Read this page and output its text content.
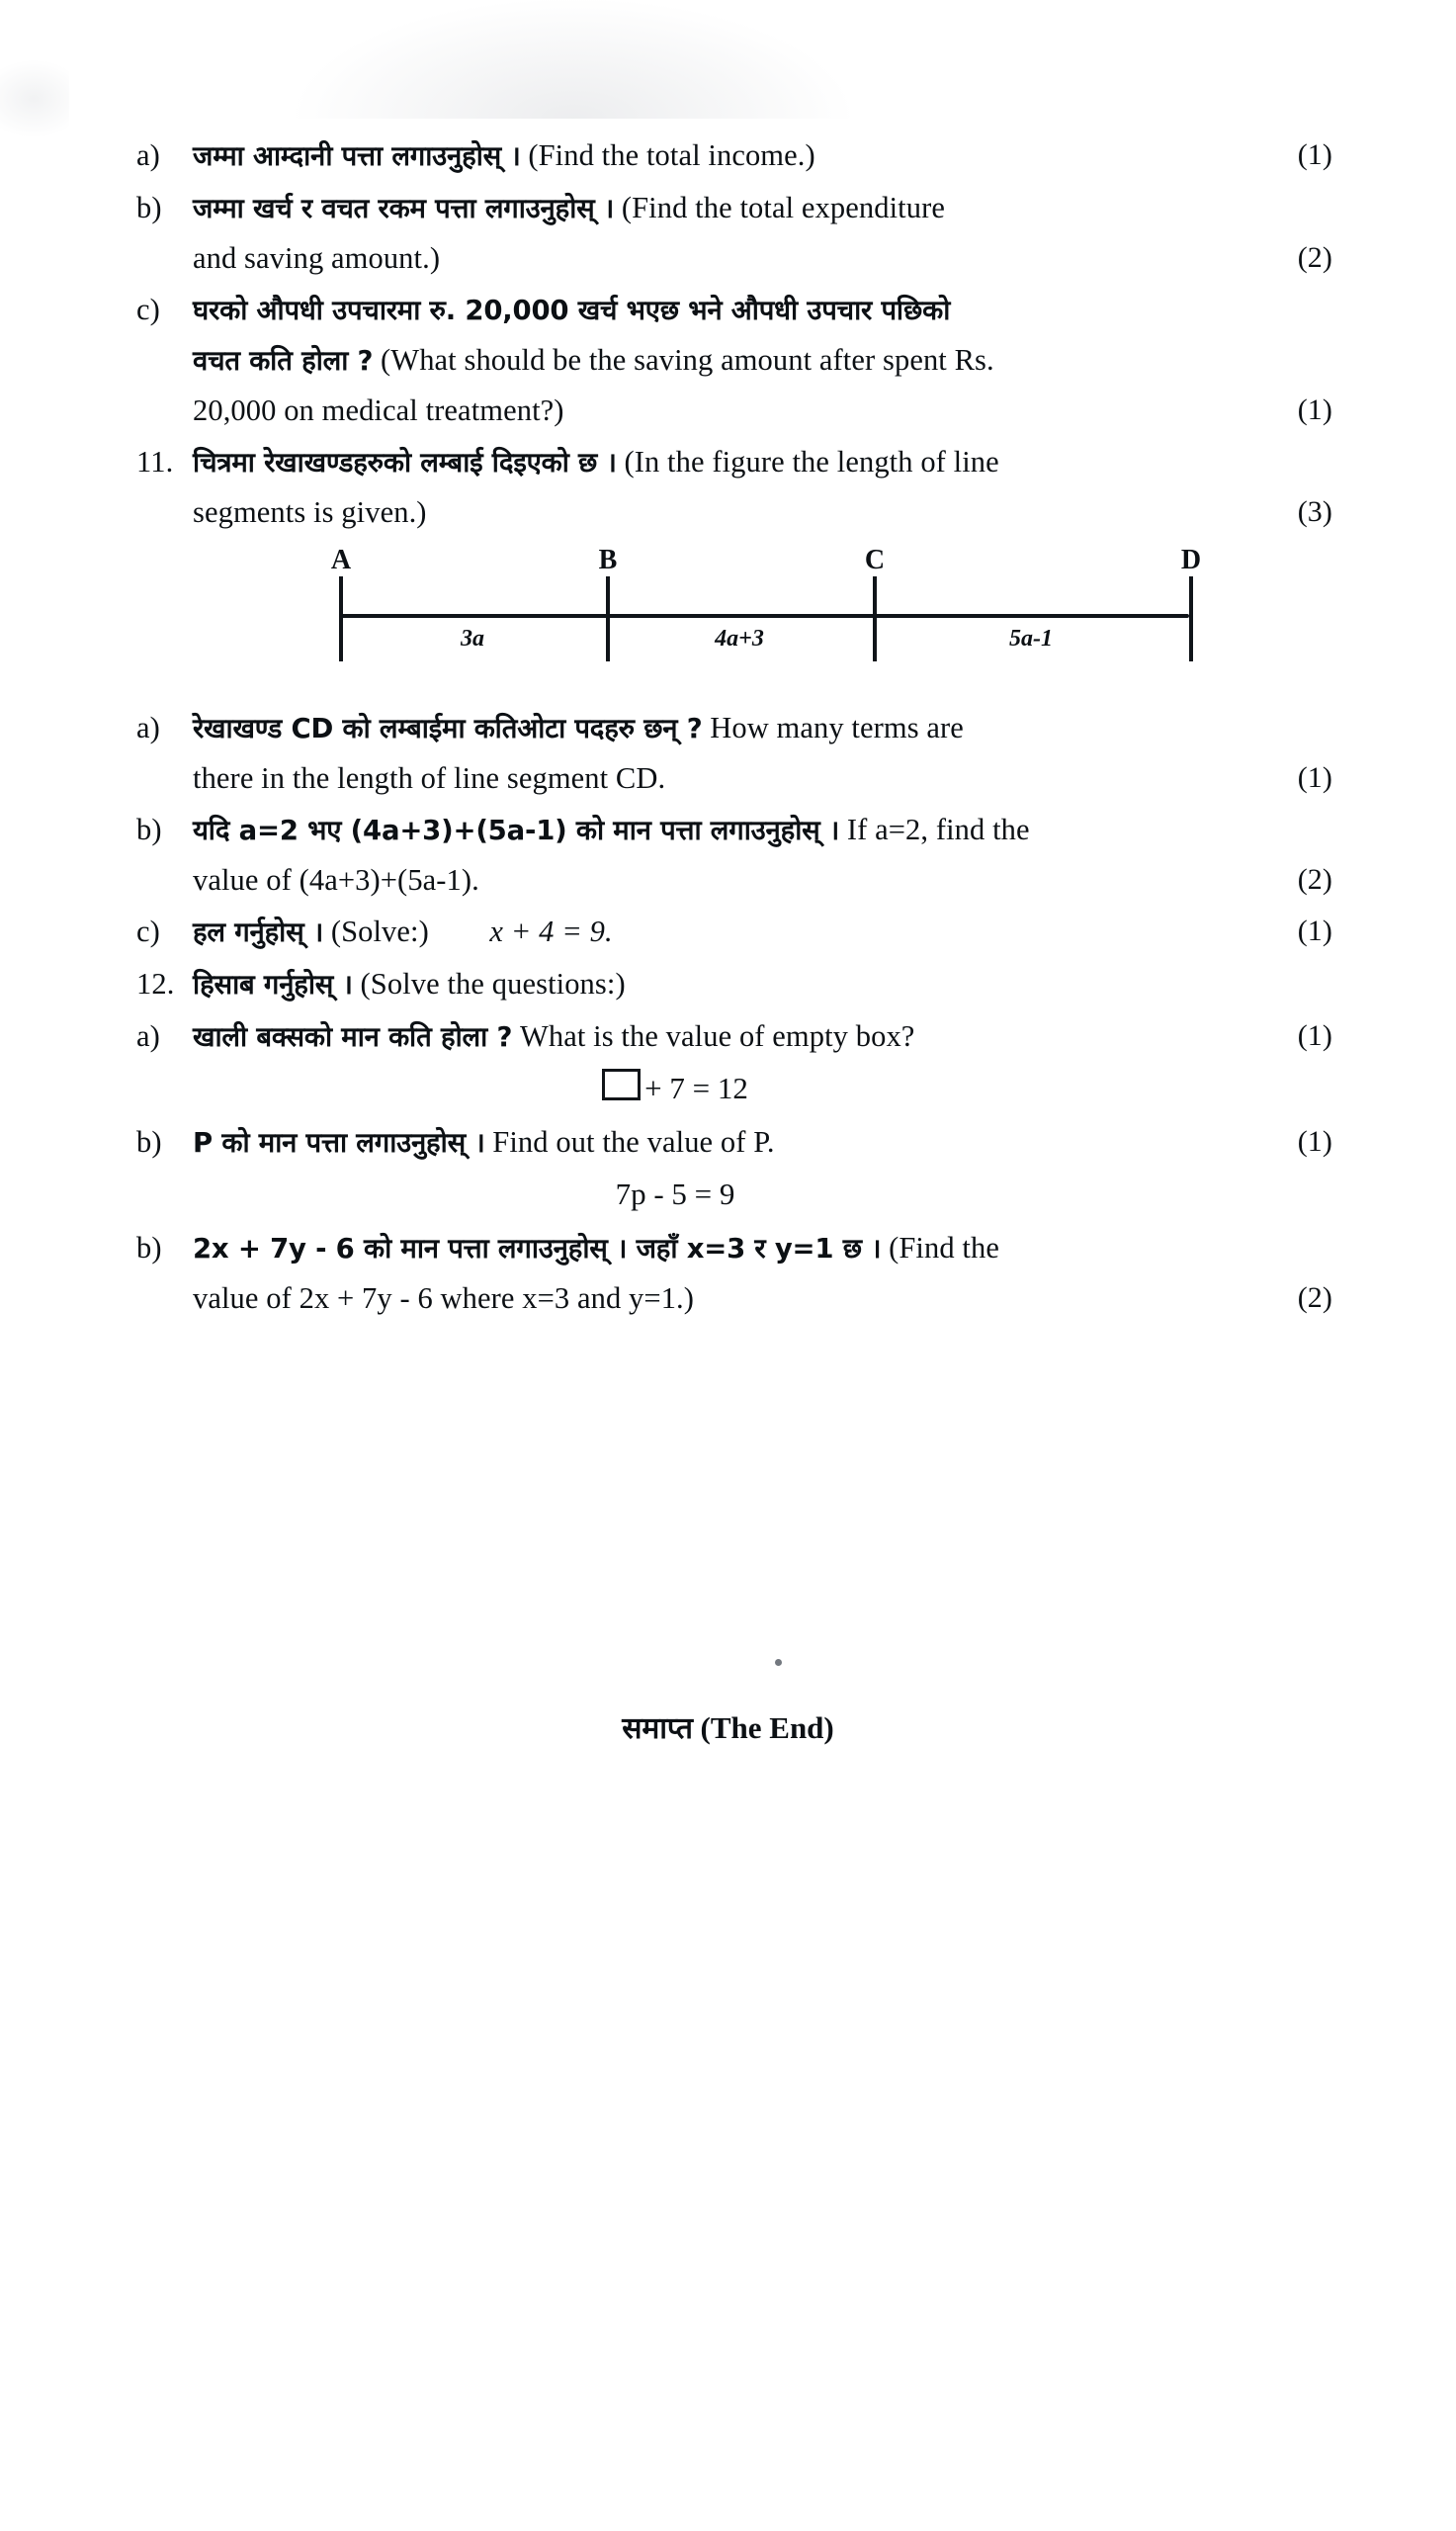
a)	(1)
जम्मा आम्दानी पत्ता लगाउनुहोस् । (Find the total income.)
b)	जम्मा खर्च र वचत रकम पत्ता लगाउनुहोस् । (Find the total expenditure
(2)
and saving amount.)
c)	घरको औपधी उपचारमा रु. 20,000 खर्च भएछ भने औपधी उपचार पछिको
वचत कति होला ? (What should be the saving amount after spent Rs.
(1)
20,000 on medical treatment?)
11. चित्रमा रेखाखण्डहरुको लम्बाई दिइएको छ । (In the figure the length of line
(3)
segments is given.)
A	B	C	D
3a	4a+3	5a-1
a)	रेखाखण्ड CD को लम्बाईमा कतिओटा पदहरु छन् ? How many terms are
(1)
there in the length of line segment CD.
b)	यदि a=2 भए (4a+3)+(5a-1) को मान पत्ता लगाउनुहोस् । If a=2, find the
(2)
value of (4a+3)+(5a-1).
c)	(1)
हल गर्नुहोस् । (Solve:) x + 4 = 9.
12. हिसाब गर्नुहोस् । (Solve the questions:)
a)	(1)
खाली बक्सको मान कति होला ? What is the value of empty box?
+ 7 = 12
b)	(1)
P को मान पत्ता लगाउनुहोस् । Find out the value of P.
7p - 5 = 9
b)	2x + 7y - 6 को मान पत्ता लगाउनुहोस् । जहाँ x=3 र y=1 छ । (Find the
(2)
value of 2x + 7y - 6 where x=3 and y=1.)
समाप्त (The End)
